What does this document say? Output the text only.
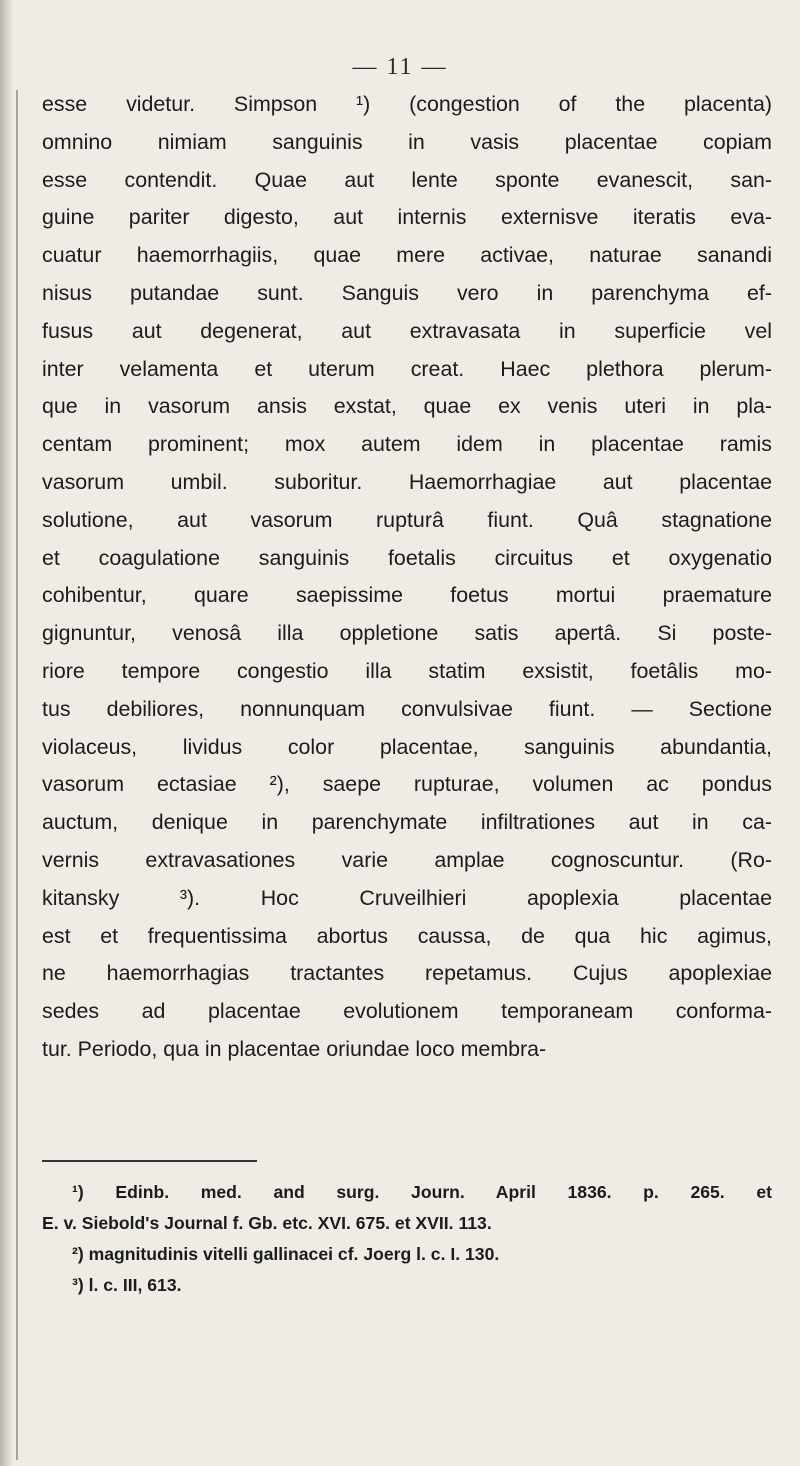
— 11 —
esse videtur. Simpson ¹) (congestion of the placenta)
omnino nimiam sanguinis in vasis placentae copiam
esse contendit. Quae aut lente sponte evanescit, san-
guine pariter digesto, aut internis externisve iteratis eva-
cuatur haemorrhagiis, quae mere activae, naturae sanandi
nisus putandae sunt. Sanguis vero in parenchyma ef-
fusus aut degenerat, aut extravasata in superficie vel
inter velamenta et uterum creat. Haec plethora plerum-
que in vasorum ansis exstat, quae ex venis uteri in pla-
centam prominent; mox autem idem in placentae ramis
vasorum umbil. suboritur. Haemorrhagiae aut placentae
solutione, aut vasorum rupturâ fiunt. Quâ stagnatione
et coagulatione sanguinis foetalis circuitus et oxygenatio
cohibentur, quare saepissime foetus mortui praemature
gignuntur, venosâ illa oppletione satis apertâ. Si poste-
riore tempore congestio illa statim exsistit, foetâlis mo-
tus debiliores, nonnunquam convulsivae fiunt. — Sectione
violaceus, lividus color placentae, sanguinis abundantia,
vasorum ectasiae ²), saepe rupturae, volumen ac pondus
auctum, denique in parenchymate infiltrationes aut in ca-
vernis extravasationes varie amplae cognoscuntur. (Ro-
kitansky ³). Hoc Cruveilhieri apoplexia placentae
est et frequentissima abortus caussa, de qua hic agimus,
ne haemorrhagias tractantes repetamus. Cujus apoplexiae
sedes ad placentae evolutionem temporaneam conforma-
tur. Periodo, qua in placentae oriundae loco membra-
¹) Edinb. med. and surg. Journ. April 1836. p. 265. et
E. v. Siebold's Journal f. Gb. etc. XVI. 675. et XVII. 113.
²) magnitudinis vitelli gallinacei cf. Joerg l. c. I. 130.
³) l. c. III, 613.
